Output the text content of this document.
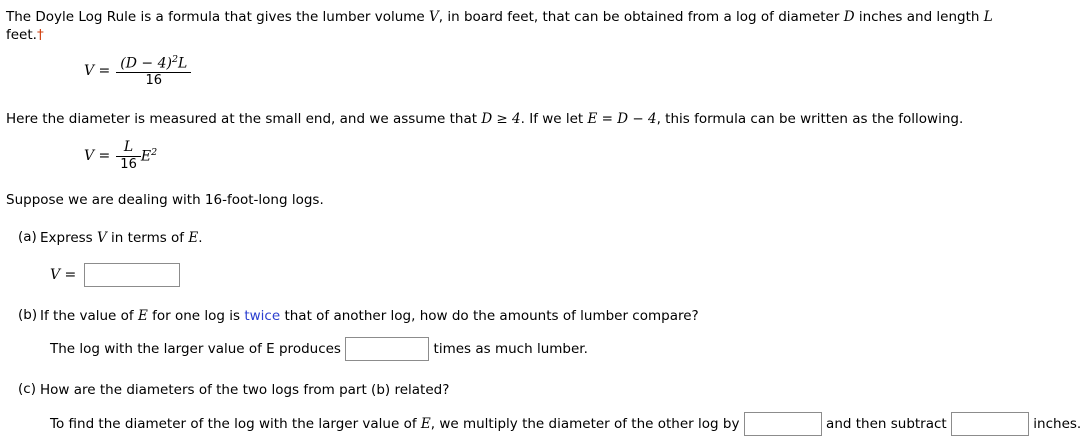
The Doyle Log Rule is a formula that gives the lumber volume V, in board feet, that can be obtained from a log of diameter D inches and length L feet.†

$V = \frac{(D - 4)^2L}{16}$

Here the diameter is measured at the small end, and we assume that D ≥ 4. If we let E = D − 4, this formula can be written as the following.

$V = \frac{L}{16} E^2$

Suppose we are dealing with 16-foot-long logs.

(a) Express V in terms of E.
V =
(b) If the value of E for one log is twice that of another log, how do the amounts of lumber compare?
The log with the larger value of E produces	times as much lumber.
(c) How are the diameters of the two logs from part (b) related?
To find the diameter of the log with the larger value of E , we multiply the diameter of the other log by	and then subtract	inches.
